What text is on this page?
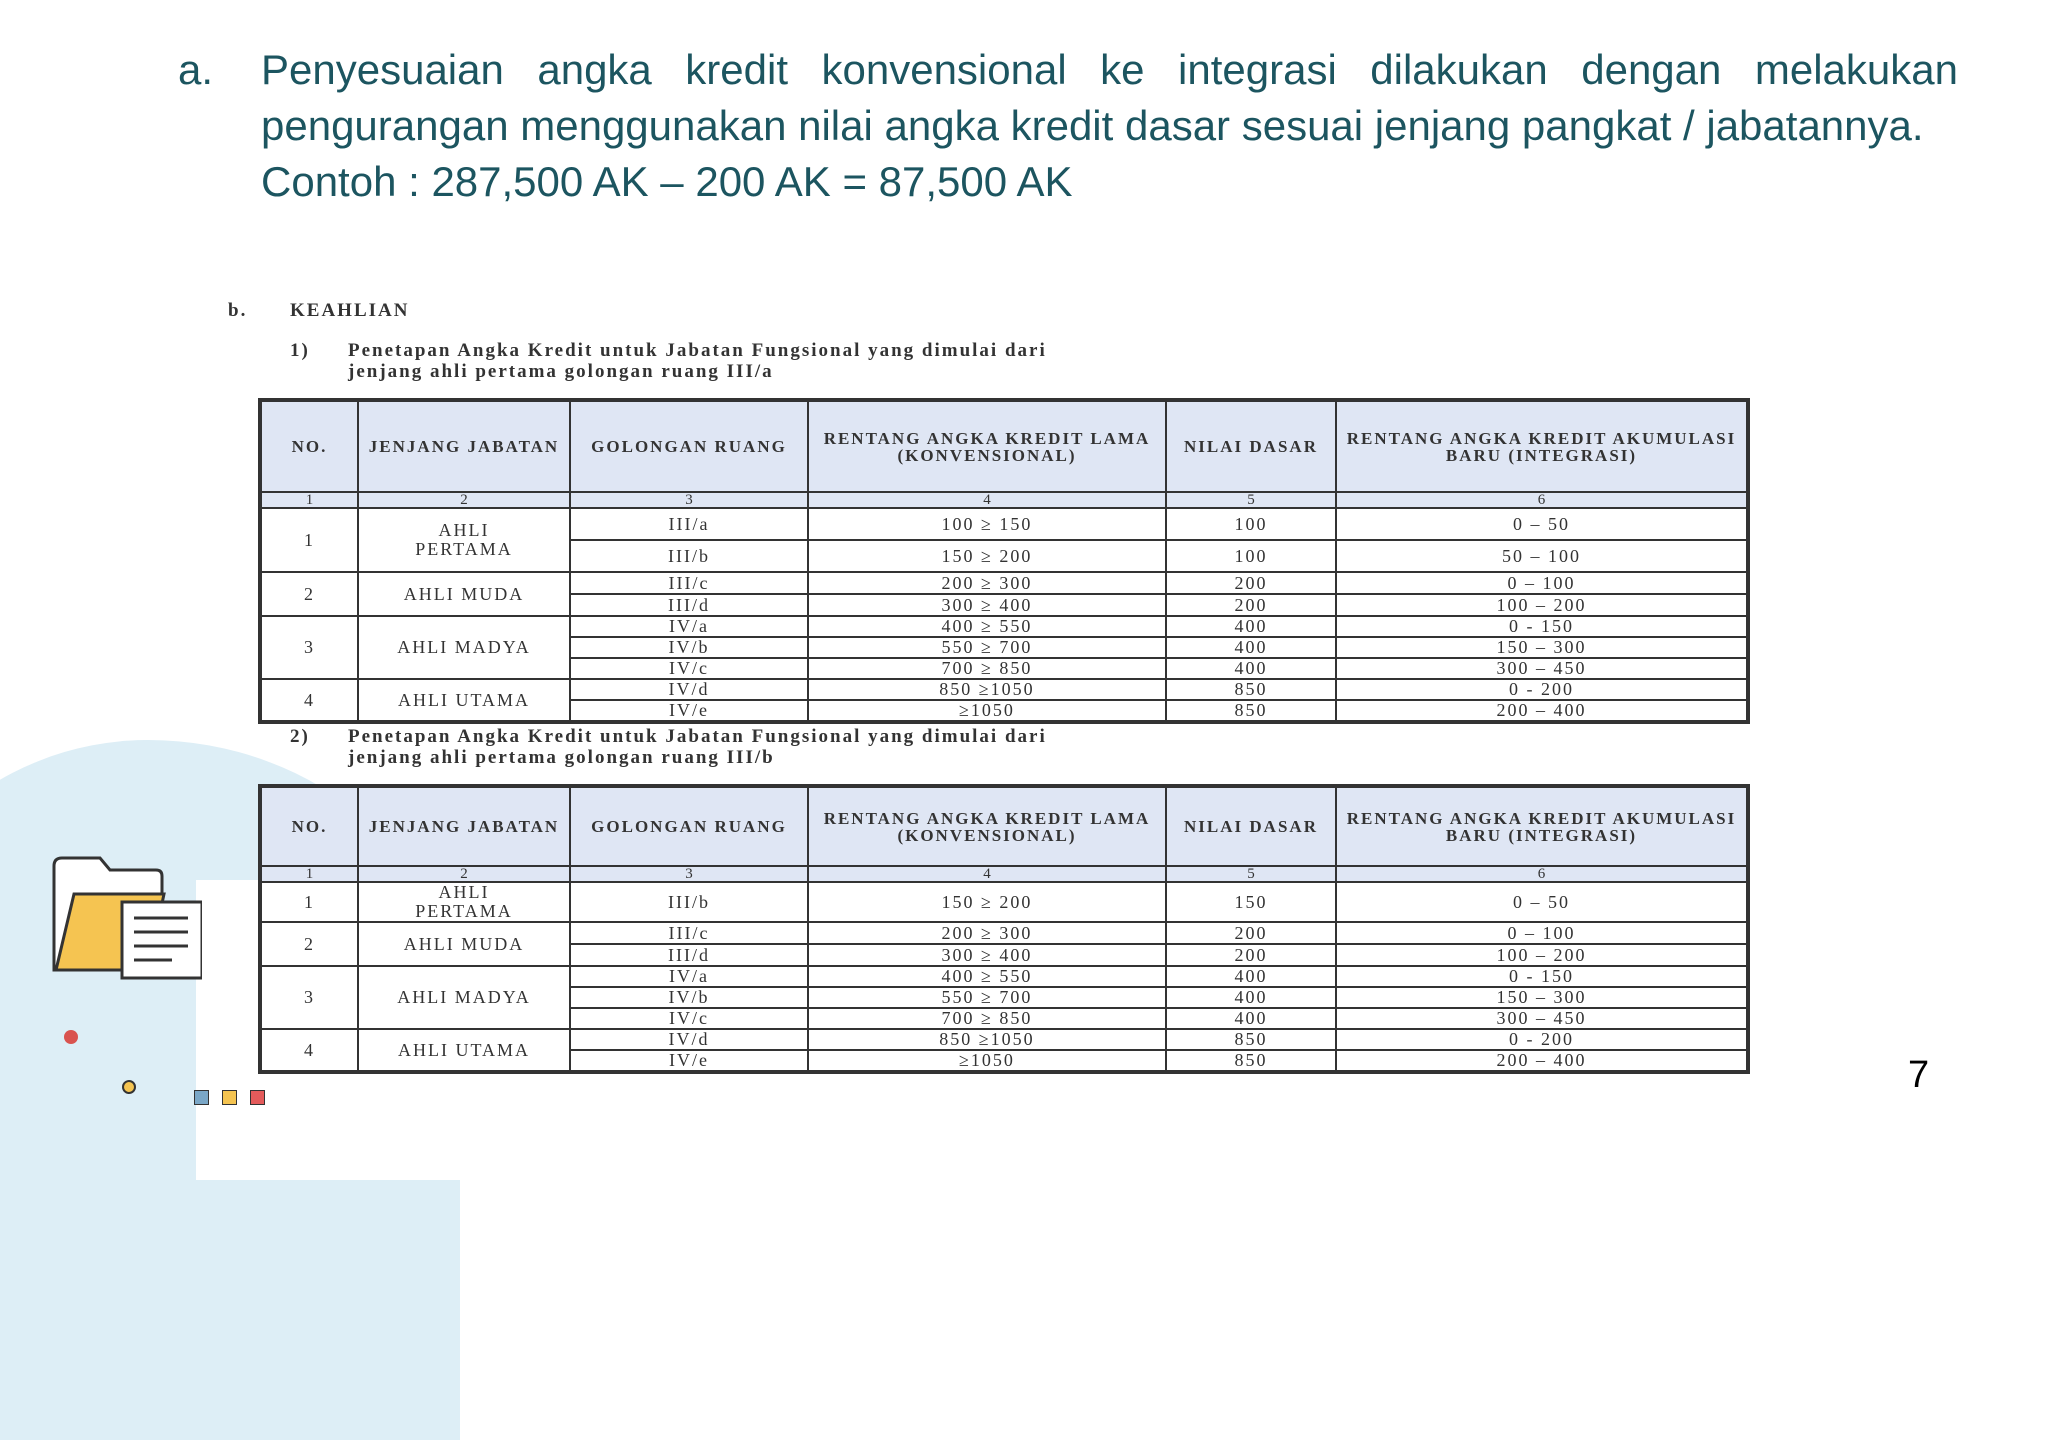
a.	Penyesuaian angka kredit konvensional ke integrasi dilakukan dengan melakukan pengurangan menggunakan nilai angka kredit dasar sesuai jenjang pangkat / jabatannya.
Contoh : 287,500 AK – 200 AK = 87,500 AK
b. KEAHLIAN
1) Penetapan Angka Kredit untuk Jabatan Fungsional yang dimulai dari
jenjang ahli pertama golongan ruang III/a
NO.	JENJANG JABATAN	GOLONGAN RUANG	RENTANG ANGKA KREDIT LAMA (KONVENSIONAL)	NILAI DASAR	RENTANG ANGKA KREDIT AKUMULASI BARU (INTEGRASI)
1	2	3	4	5	6
1	AHLI PERTAMA	III/a	100 ≥ 150	100	0 – 50
		III/b	150 ≥ 200	100	50 – 100
2	AHLI MUDA	III/c	200 ≥ 300	200	0 – 100
		III/d	300 ≥ 400	200	100 – 200
3	AHLI MADYA	IV/a	400 ≥ 550	400	0 - 150
		IV/b	550 ≥ 700	400	150 – 300
		IV/c	700 ≥ 850	400	300 – 450
4	AHLI UTAMA	IV/d	850 ≥1050	850	0 - 200
		IV/e	≥1050	850	200 – 400
2) Penetapan Angka Kredit untuk Jabatan Fungsional yang dimulai dari
jenjang ahli pertama golongan ruang III/b
NO.	JENJANG JABATAN	GOLONGAN RUANG	RENTANG ANGKA KREDIT LAMA (KONVENSIONAL)	NILAI DASAR	RENTANG ANGKA KREDIT AKUMULASI BARU (INTEGRASI)
1	2	3	4	5	6
1	AHLI PERTAMA	III/b	150 ≥ 200	150	0 – 50
2	AHLI MUDA	III/c	200 ≥ 300	200	0 – 100
		III/d	300 ≥ 400	200	100 – 200
3	AHLI MADYA	IV/a	400 ≥ 550	400	0 - 150
		IV/b	550 ≥ 700	400	150 – 300
		IV/c	700 ≥ 850	400	300 – 450
4	AHLI UTAMA	IV/d	850 ≥1050	850	0 - 200
		IV/e	≥1050	850	200 – 400	7
